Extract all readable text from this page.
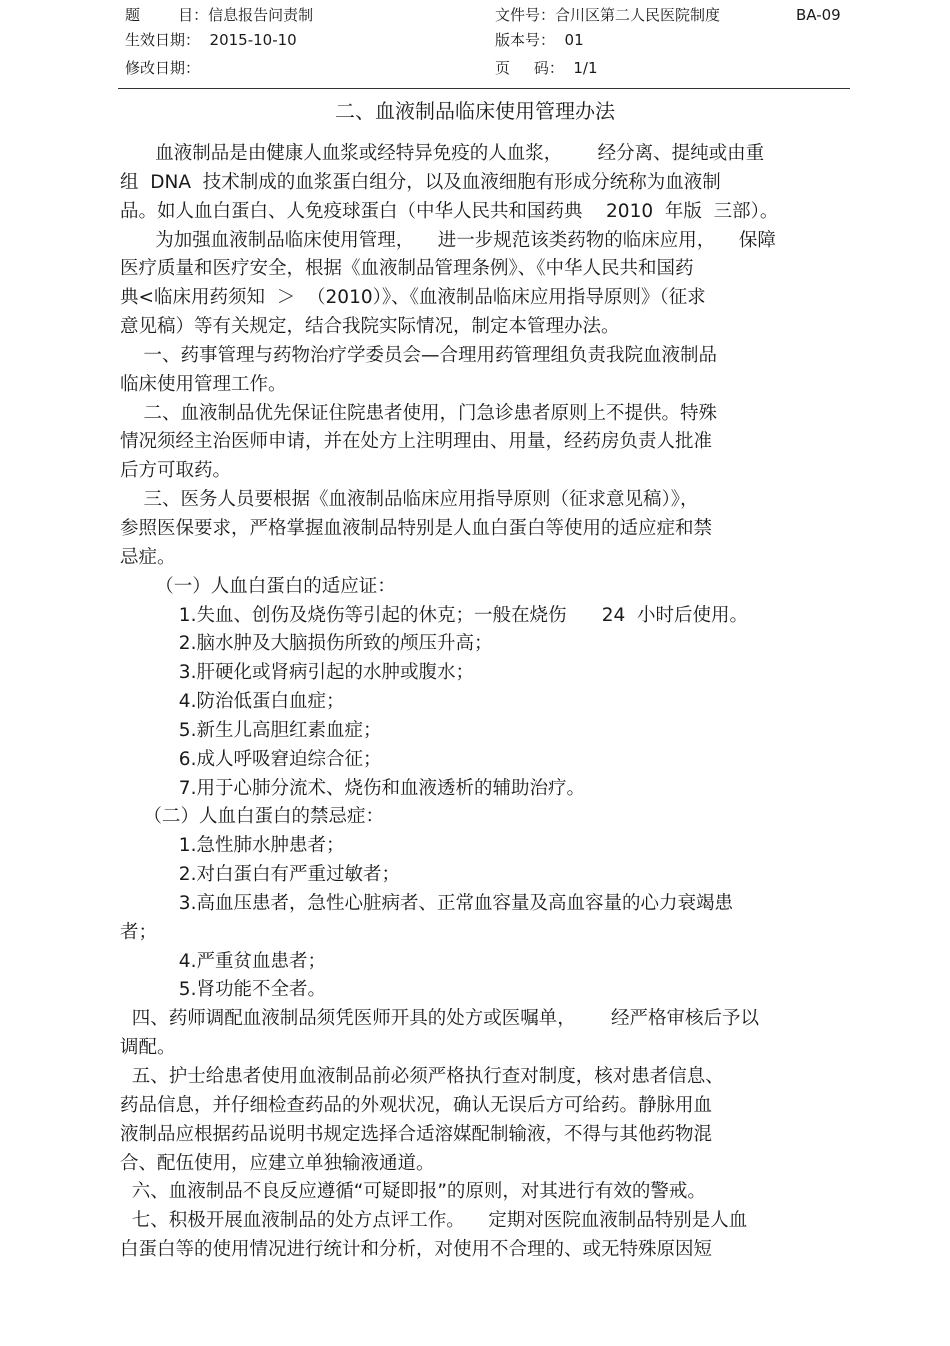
题        目：信息报告问责制
生效日期：  2015-10-10
修改日期：
文件号：合川区第二人民医院制度	BA-09
版本号：  01
页     码：  1/1
二、血液制品临床使用管理办法
血液制品是由健康人血浆或经特异免疫的人血浆，      经分离、提纯或由重
组  DNA  技术制成的血浆蛋白组分，以及血液细胞有形成分统称为血液制
品。如人血白蛋白、人免疫球蛋白（中华人民共和国药典    2010  年版  三部）。
为加强血液制品临床使用管理，    进一步规范该类药物的临床应用，    保障
医疗质量和医疗安全，根据《血液制品管理条例》、《中华人民共和国药
典<临床用药须知  ＞  （2010）》、《血液制品临床应用指导原则》（征求
意见稿）等有关规定，结合我院实际情况，制定本管理办法。
一、药事管理与药物治疗学委员会—合理用药管理组负责我院血液制品
临床使用管理工作。
二、血液制品优先保证住院患者使用，门急诊患者原则上不提供。特殊
情况须经主治医师申请，并在处方上注明理由、用量，经药房负责人批准
后方可取药。
三、医务人员要根据《血液制品临床应用指导原则（征求意见稿）》，
参照医保要求，严格掌握血液制品特别是人血白蛋白等使用的适应症和禁
忌症。
（一）人血白蛋白的适应证：
1.失血、创伤及烧伤等引起的休克；一般在烧伤      24  小时后使用。
2.脑水肿及大脑损伤所致的颅压升高；
3.肝硬化或肾病引起的水肿或腹水；
4.防治低蛋白血症；
5.新生儿高胆红素血症；
6.成人呼吸窘迫综合征；
7.用于心肺分流术、烧伤和血液透析的辅助治疗。
（二）人血白蛋白的禁忌症：
1.急性肺水肿患者；
2.对白蛋白有严重过敏者；
3.高血压患者，急性心脏病者、正常血容量及高血容量的心力衰竭患
者；
4.严重贫血患者；
5.肾功能不全者。
四、药师调配血液制品须凭医师开具的处方或医嘱单，      经严格审核后予以
调配。
五、护士给患者使用血液制品前必须严格执行查对制度，核对患者信息、
药品信息，并仔细检查药品的外观状况，确认无误后方可给药。静脉用血
液制品应根据药品说明书规定选择合适溶媒配制输液，不得与其他药物混
合、配伍使用，应建立单独输液通道。
六、血液制品不良反应遵循“可疑即报”的原则，对其进行有效的警戒。
七、积极开展血液制品的处方点评工作。    定期对医院血液制品特别是人血
白蛋白等的使用情况进行统计和分析，对使用不合理的、或无特殊原因短
